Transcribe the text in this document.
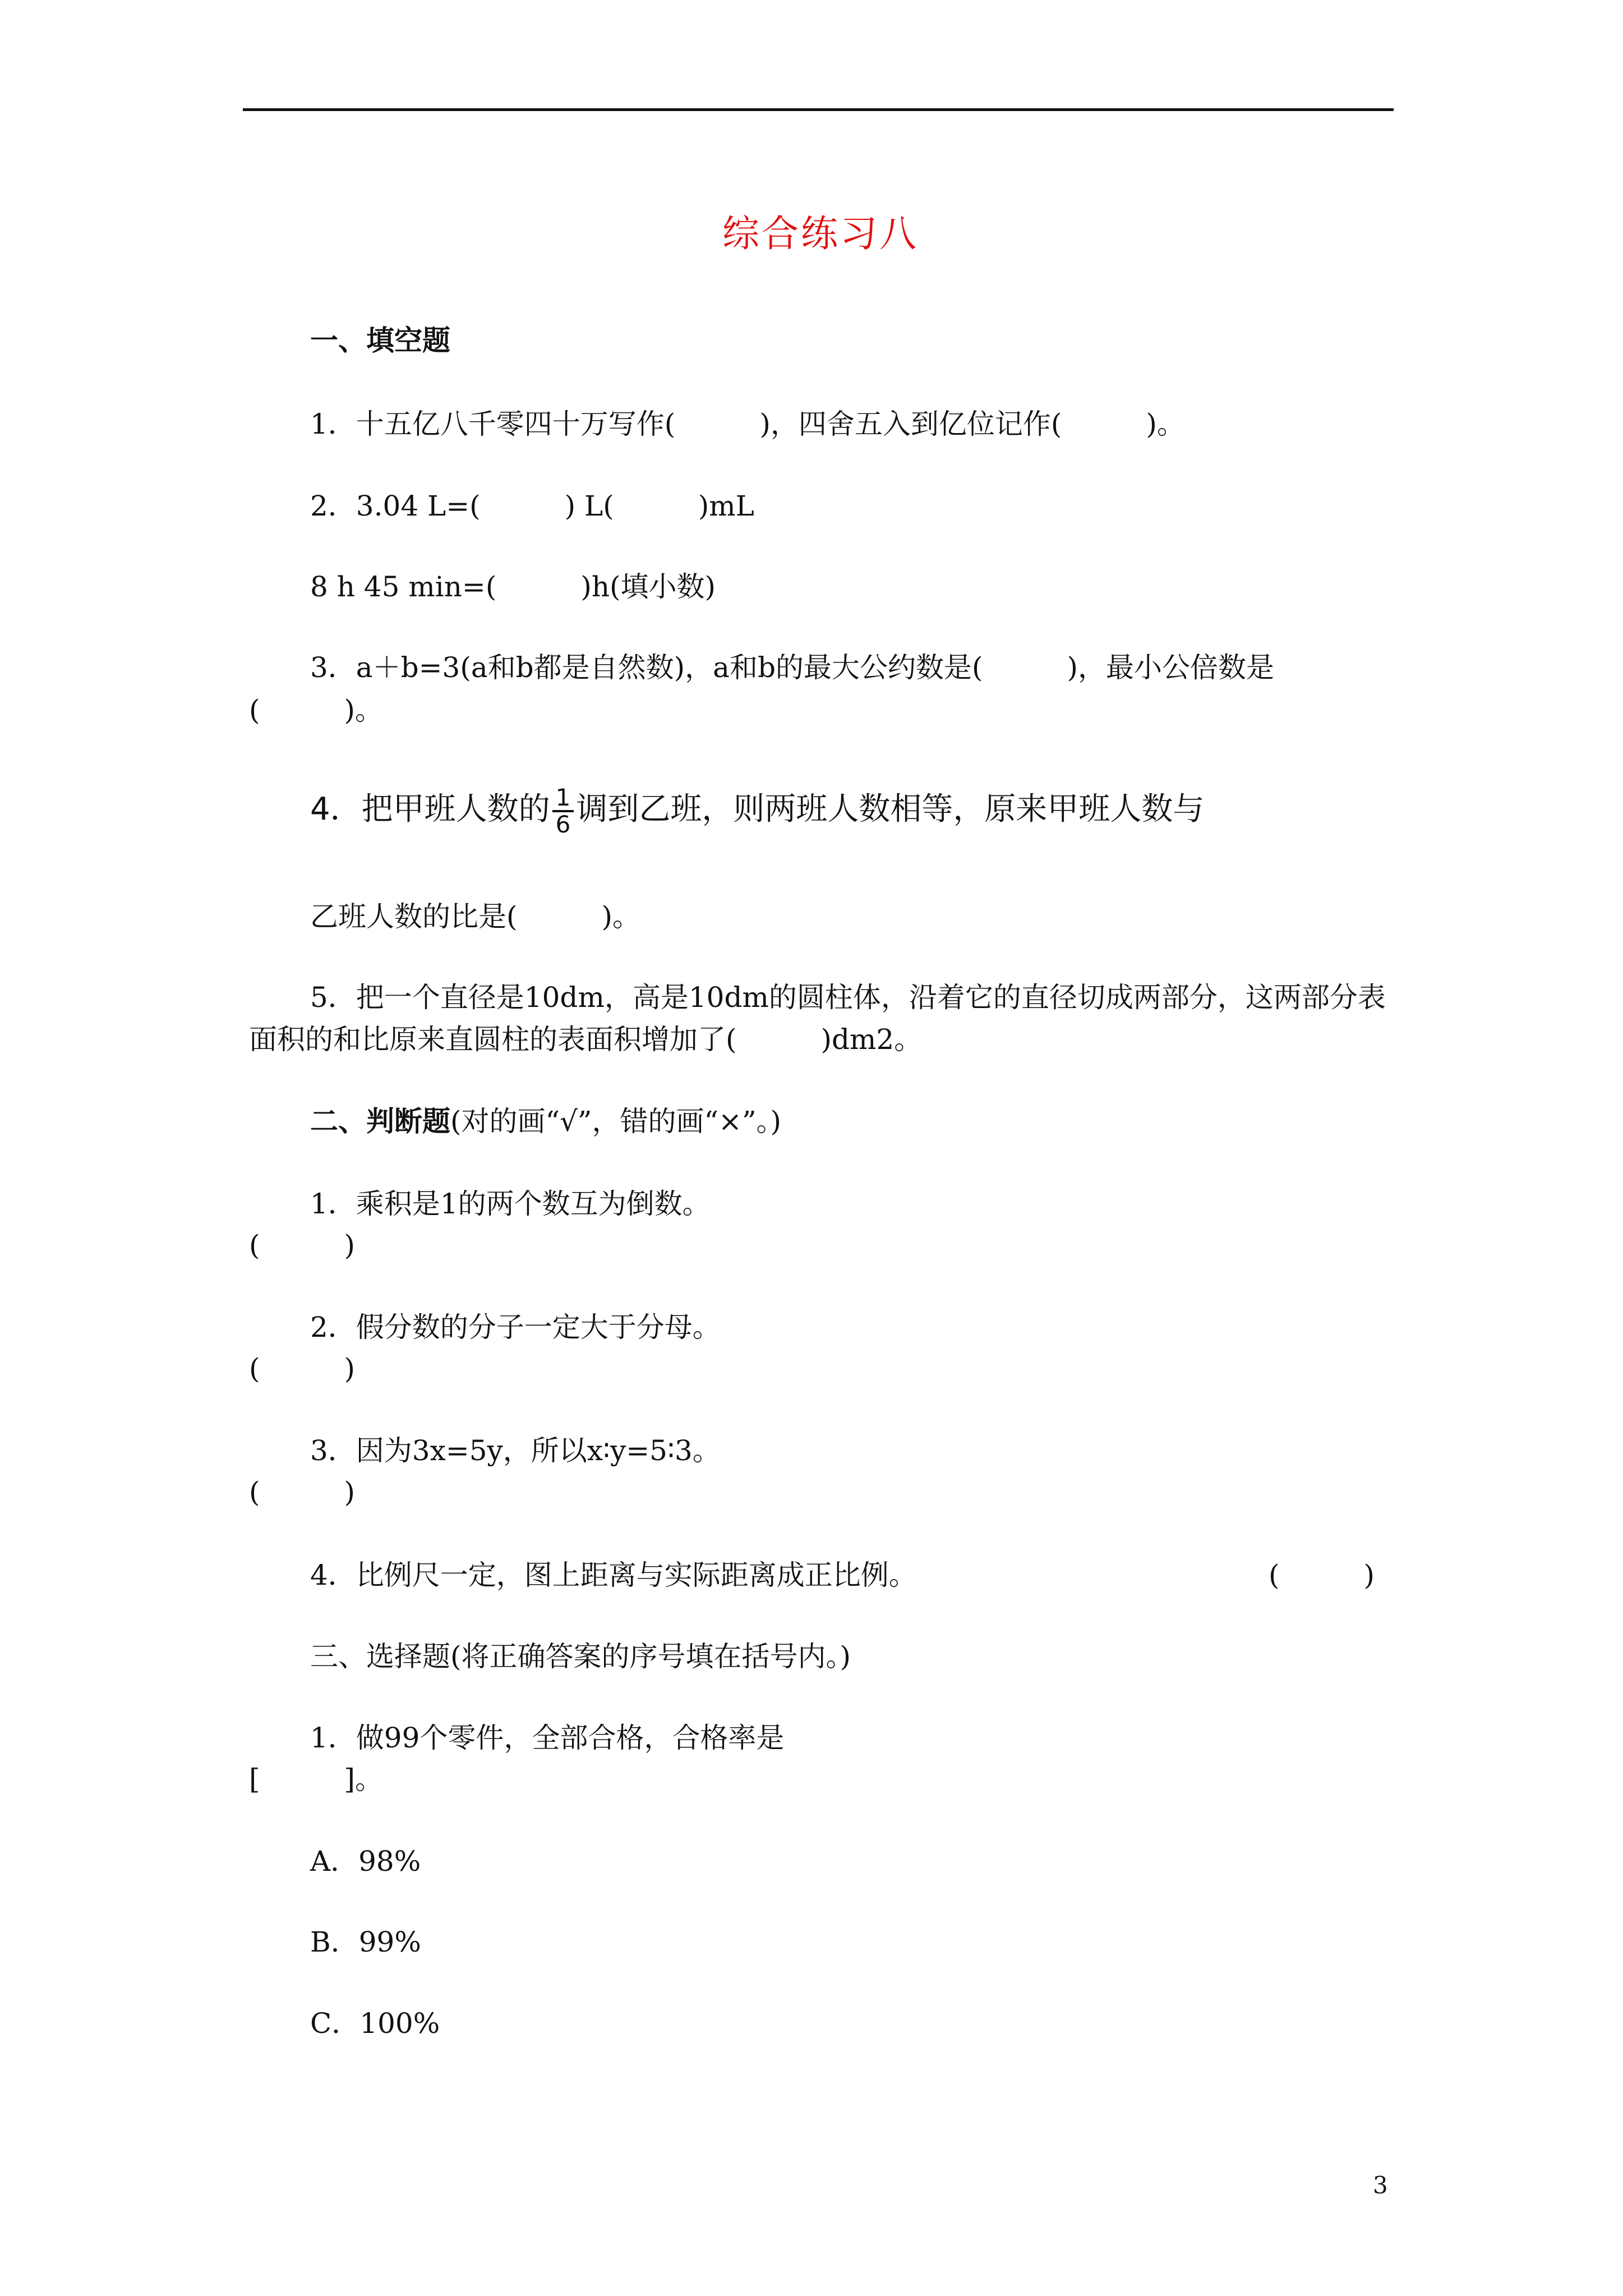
综合练习八
一、填空题
1．十五亿八千零四十万写作(　　　)，四舍五入到亿位记作(　　　)。
2．3.04 L=(　　　) L(　　　)mL
8 h 45 min=(　　　)h(填小数)
3．a＋b=3(a和b都是自然数)，a和b的最大公约数是(　　　)，最小公倍数是
(　　　)。
4．把甲班人数的 $\frac{1}{6}$ 调到乙班，则两班人数相等，原来甲班人数与
乙班人数的比是(　　　)。
5．把一个直径是10dm，高是10dm的圆柱体，沿着它的直径切成两部分，这两部分表
面积的和比原来直圆柱的表面积增加了(　　　)dm2。
二、判断题(对的画“√”，错的画“×”。)
1．乘积是1的两个数互为倒数。
(　　　)
2．假分数的分子一定大于分母。
(　　　)
3．因为3x=5y，所以x∶y=5∶3。
(　　　)
4．比例尺一定，图上距离与实际距离成正比例。	(　　　)
三、选择题(将正确答案的序号填在括号内。)
1．做99个零件，全部合格，合格率是
[　　　]。
A．98%
B．99%
C．100%
3
